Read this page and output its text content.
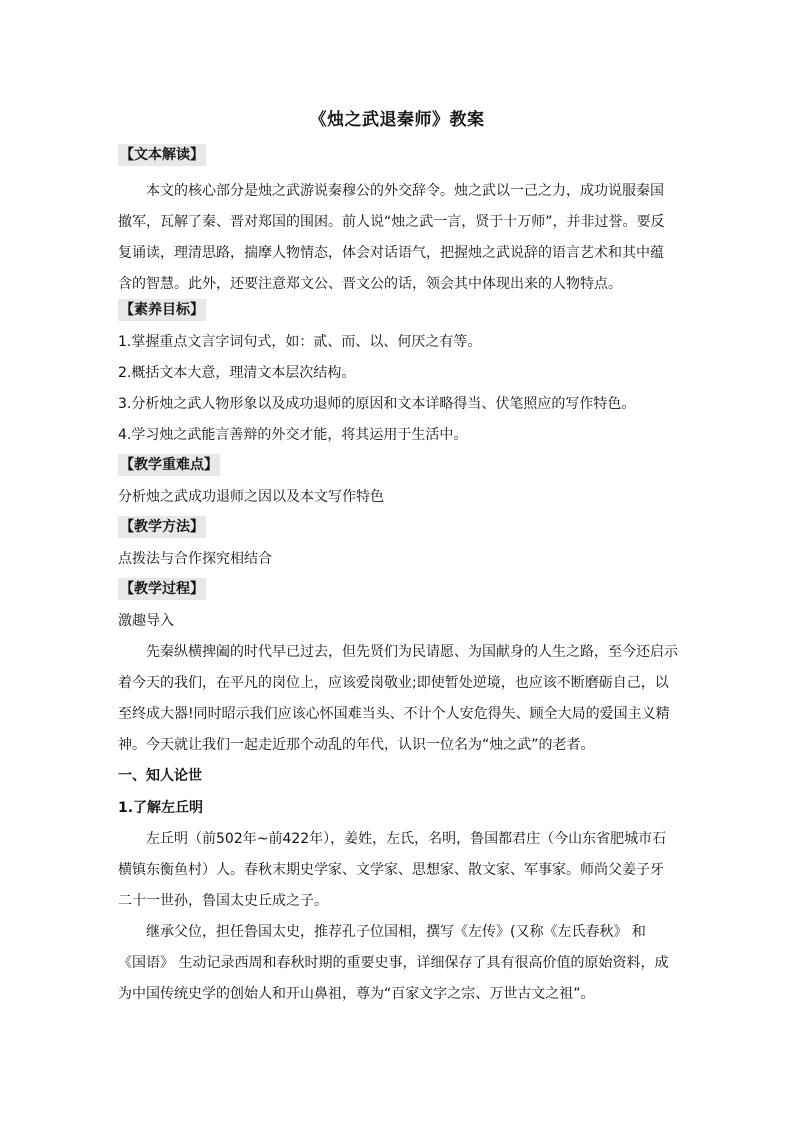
《烛之武退秦师》教案
【文本解读】
本文的核心部分是烛之武游说秦穆公的外交辞令。烛之武以一己之力，成功说服秦国
撤军，瓦解了秦、晋对郑国的围困。前人说“烛之武一言，贤于十万师”，并非过誉。要反
复诵读，理清思路，揣摩人物情态，体会对话语气，把握烛之武说辞的语言艺术和其中蕴
含的智慧。此外，还要注意郑文公、晋文公的话，领会其中体现出来的人物特点。
【素养目标】
1.掌握重点文言字词句式，如：贰、而、以、何厌之有等。
2.概括文本大意，理清文本层次结构。
3.分析烛之武人物形象以及成功退师的原因和文本详略得当、伏笔照应的写作特色。
4.学习烛之武能言善辩的外交才能，将其运用于生活中。
【教学重难点】
分析烛之武成功退师之因以及本文写作特色
【教学方法】
点拨法与合作探究相结合
【教学过程】
激趣导入
先秦纵横捭阖的时代早已过去，但先贤们为民请愿、为国献身的人生之路，至今还启示
着今天的我们，在平凡的岗位上，应该爱岗敬业;即使暂处逆境，也应该不断磨砺自己，以
至终成大器!同时昭示我们应该心怀国难当头、不计个人安危得失、顾全大局的爱国主义精
神。今天就让我们一起走近那个动乱的年代，认识一位名为“烛之武”的老者。
一、知人论世
1.了解左丘明
左丘明（前502年~前422年），姜姓，左氏，名明，鲁国都君庄（今山东省肥城市石
横镇东衡鱼村）人。春秋末期史学家、文学家、思想家、散文家、军事家。师尚父姜子牙
二十一世孙，鲁国太史丘成之子。
继承父位，担任鲁国太史，推荐孔子位国相，撰写《左传》(又称《左氏春秋》 和
《国语》 生动记录西周和春秋时期的重要史事，详细保存了具有很高价值的原始资料，成
为中国传统史学的创始人和开山鼻祖，尊为“百家文字之宗、万世古文之祖”。
